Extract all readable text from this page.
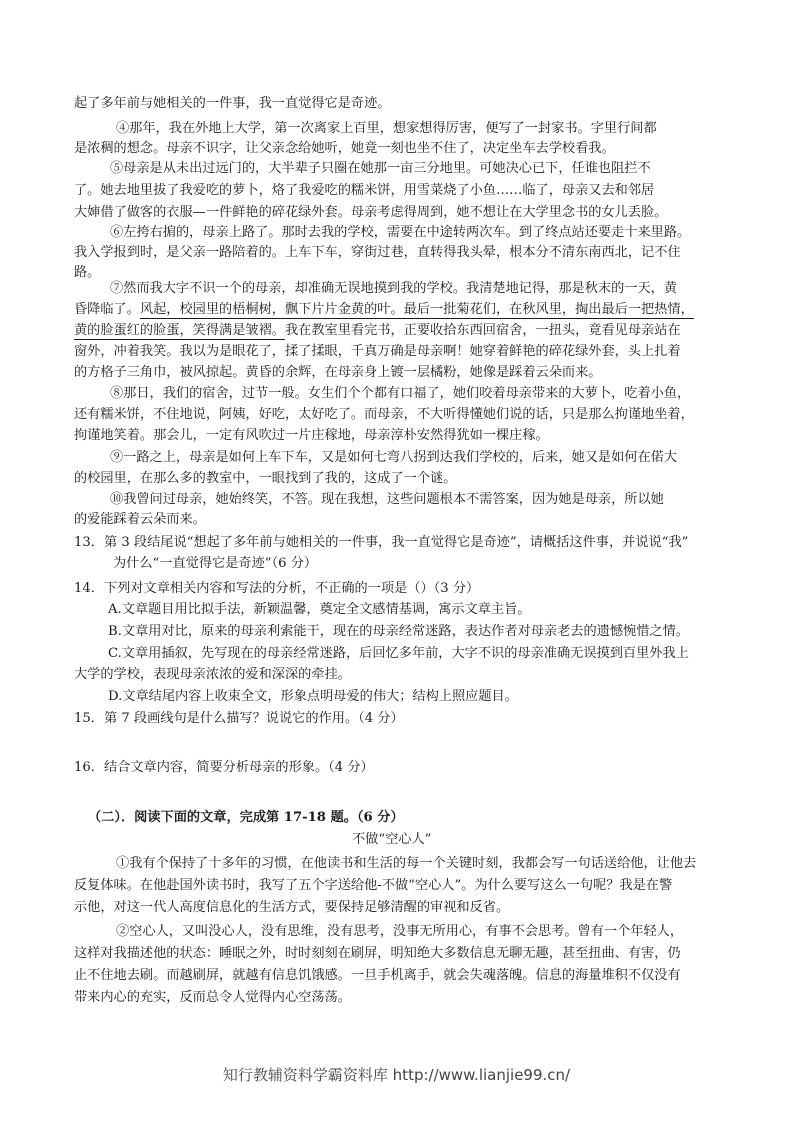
起了多年前与她相关的一件事，我一直觉得它是奇迹。
④那年，我在外地上大学，第一次离家上百里，想家想得厉害，便写了一封家书。字里行间都
是浓稠的想念。母亲不识字，让父亲念给她听，她竟一刻也坐不住了，决定坐车去学校看我。
⑤母亲是从未出过远门的，大半辈子只圈在她那一亩三分地里。可她决心已下，任谁也阻拦不
了。她去地里拔了我爱吃的萝卜，烙了我爱吃的糯米饼，用雪菜烧了小鱼……临了，母亲又去和邻居
大婶借了做客的衣服—一件鲜艳的碎花绿外套。母亲考虑得周到，她不想让在大学里念书的女儿丢脸。
⑥左挎右掮的，母亲上路了。那时去我的学校，需要在中途转两次车。到了终点站还要走十来里路。
我入学报到时，是父亲一路陪着的。上车下车，穿街过巷，直转得我头晕，根本分不清东南西北，记不住
路。
⑦然而我大字不识一个的母亲，却准确无误地摸到我的学校。我清楚地记得，那是秋末的一天，黄
昏降临了。风起，校园里的梧桐树，飘下片片金黄的叶。最后一批菊花们，在秋风里，掏出最后一把热情，
黄的脸蛋红的脸蛋，笑得满是皱褶。我在教室里看完书，正要收拾东西回宿舍，一扭头，竟看见母亲站在
窗外，冲着我笑。我以为是眼花了，揉了揉眼，千真万确是母亲啊！她穿着鲜艳的碎花绿外套，头上扎着
的方格子三角巾，被风掠起。黄昏的余辉，在母亲身上镀一层橘粉，她像是踩着云朵而来。
⑧那日，我们的宿舍，过节一般。女生们个个都有口福了，她们咬着母亲带来的大萝卜，吃着小鱼，
还有糯米饼，不住地说，阿姨，好吃，太好吃了。而母亲，不大听得懂她们说的话，只是那么拘谨地坐着，
拘谨地笑着。那会儿，一定有风吹过一片庄稼地，母亲淳朴安然得犹如一棵庄稼。
⑨一路之上，母亲是如何上车下车，又是如何七弯八拐到达我们学校的，后来，她又是如何在偌大
的校园里，在那么多的教室中，一眼找到了我的，这成了一个谜。
⑩我曾问过母亲，她始终笑，不答。现在我想，这些问题根本不需答案，因为她是母亲，所以她
的爱能踩着云朵而来。
13．第 3 段结尾说“想起了多年前与她相关的一件事，我一直觉得它是奇迹”，请概括这件事，并说说“我”
为什么“一直觉得它是奇迹”（6 分）
14．下列对文章相关内容和写法的分析，不正确的一项是（）（3 分）
A.文章题目用比拟手法，新颖温馨，奠定全文感情基调，寓示文章主旨。
B.文章用对比，原来的母亲利索能干，现在的母亲经常迷路，表达作者对母亲老去的遗憾惋惜之情。
C.文章用插叙，先写现在的母亲经常迷路，后回忆多年前，大字不识的母亲准确无误摸到百里外我上
大学的学校，表现母亲浓浓的爱和深深的牵挂。
D.文章结尾内容上收束全文，形象点明母爱的伟大；结构上照应题目。
15．第 7 段画线句是什么描写？说说它的作用。（4 分）
16．结合文章内容，简要分析母亲的形象。（4 分）
（二）．阅读下面的文章，完成第 17-18 题。（6 分）
不做“空心人”
①我有个保持了十多年的习惯，在他读书和生活的每一个关键时刻，我都会写一句话送给他，让他去
反复体味。在他赴国外读书时，我写了五个字送给他-不做“空心人”。为什么要写这么一句呢？我是在警
示他，对这一代人高度信息化的生活方式，要保持足够清醒的审视和反省。
②空心人，又叫没心人，没有思维，没有思考，没事无所用心，有事不会思考。曾有一个年轻人，
这样对我描述他的状态：睡眠之外，时时刻刻在刷屏，明知绝大多数信息无聊无趣，甚至扭曲、有害，仍
止不住地去刷。而越刷屏，就越有信息饥饿感。一旦手机离手，就会失魂落魄。信息的海量堆积不仅没有
带来内心的充实，反而总令人觉得内心空荡荡。
知行教辅资料学霸资料库 http://www.lianjie99.cn/
